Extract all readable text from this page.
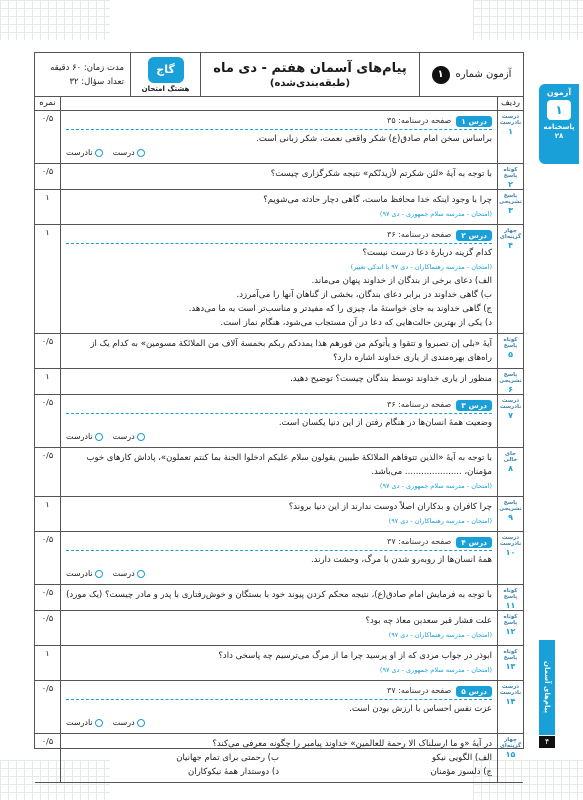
آزمون
۱
پاسخنامه ۲۸
پیام‌های آسمان
۴
آزمون شماره
۱
پیام‌های آسمان هفتم - دی ماه
(طبقه‌بندی‌شده)
گاج
هشتگ امتحان
مدت زمان: ۶۰ دقیقه
تعداد سؤال: ۳۲
ردیف
نمره
درست نادرست
۱
درس ۱
صفحه درسنامه: ۳۵
براساس سخن امام صادق(ع) شکر واقعی نعمت، شکر زبانی است.
درست
نادرست
۰/۵
کوتاه پاسخ
۲
با توجه به آیهٔ «لئن شکرتم لأزیدنّکم» نتیجه شکرگزاری چیست؟
۰/۵
پاسخ تشریحی
۳
چرا با وجود اینکه خدا محافظ ماست، گاهی دچار حادثه می‌شویم؟
(امتحان - مدرسه سلام جمهوری - دی ۹۷)
۱
چهار گزینه‌ای
۴
درس ۲
صفحه درسنامه: ۳۶
کدام گزینه دربارهٔ دعا درست نیست؟
(امتحان - مدرسه رهنماکاران - دی ۹۷ با اندکی تغییر)
الف) دعای برخی از بندگان از خداوند پنهان می‌ماند.
ب) گاهی خداوند در برابر دعای بندگان، بخشی از گناهان آنها را می‌آمرزد.
ج) گاهی خداوند به جای خواستهٔ ما، چیزی را که مفیدتر و مناسب‌تر است به ما می‌دهد.
د) یکی از بهترین حالت‌هایی که دعا در آن مستجاب می‌شود، هنگام نماز است.
۱
کوتاه پاسخ
۵
آیهٔ «بلی إن تصبروا و تتقوا و یأتوکم من فورهم هذا یمددکم ربکم بخمسة آلاف من الملائکة مسومین» به کدام یک از راه‌های بهره‌مندی از یاری خداوند اشاره دارد؟
۰/۵
پاسخ تشریحی
۶
منظور از یاری خداوند توسط بندگان چیست؟ توضیح دهید.
۱
درست نادرست
۷
درس ۳
صفحه درسنامه: ۳۶
وضعیت همهٔ انسان‌ها در هنگام رفتن از این دنیا یکسان است.
درست
نادرست
۰/۵
جای خالی
۸
با توجه به آیهٔ «الذین تتوفاهم الملائکة طیبین یقولون سلام علیکم ادخلوا الجنة بما کنتم تعملون»، پاداش کارهای خوب مؤمنان، ..................... می‌باشد.
(امتحان - مدرسه سلام جمهوری - دی ۹۷)
۰/۵
پاسخ تشریحی
۹
چرا کافران و بدکاران اصلاً دوست ندارند از این دنیا بروند؟
(امتحان - مدرسه رهنماکاران - دی ۹۷)
۱
درست نادرست
۱۰
درس ۴
صفحه درسنامه: ۳۷
همهٔ انسان‌ها از روبه‌رو شدن با مرگ، وحشت دارند.
درست
نادرست
۰/۵
کوتاه پاسخ
۱۱
با توجه به فرمایش امام صادق(ع)، نتیجه محکم کردن پیوند خود با بستگان و خوش‌رفتاری با پدر و مادر چیست؟ (یک مورد)
۰/۵
کوتاه پاسخ
۱۲
علت فشار قبر سعدبن معاذ چه بود؟
(امتحان - مدرسه رهنماکاران - دی ۹۷)
۰/۵
کوتاه پاسخ
۱۳
ابوذر در جواب مردی که از او پرسید چرا ما از مرگ می‌ترسیم چه پاسخی داد؟
(امتحان - مدرسه سلام جمهوری - دی ۹۷)
۱
درست نادرست
۱۴
درس ۵
صفحه درسنامه: ۳۷
عزت نفس احساس با ارزش بودن است.
درست
نادرست
۰/۵
چهار گزینه‌ای
۱۵
در آیهٔ «و ما ارسلناک الا رحمة للعالمین» خداوند پیامبر را چگونه معرفی می‌کند؟
الف) الگویی نیکو
ب) رحمتی برای تمام جهانیان
ج) دلسوز مؤمنان
د) دوستدار همهٔ نیکوکاران
۰/۵
